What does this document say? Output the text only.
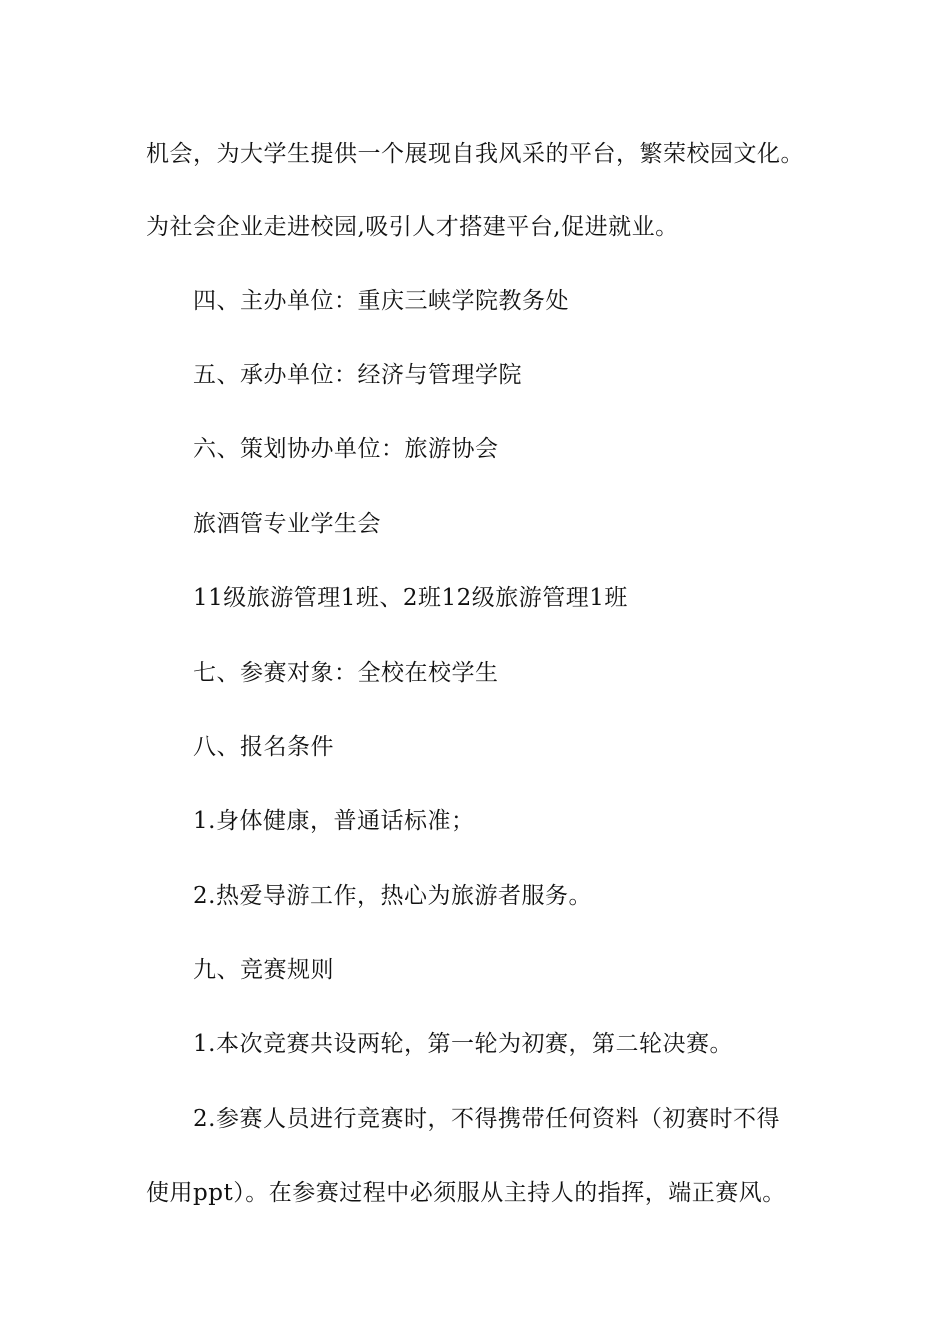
机会，为大学生提供一个展现自我风采的平台，繁荣校园文化。
为社会企业走进校园,吸引人才搭建平台,促进就业。
四、主办单位：重庆三峡学院教务处
五、承办单位：经济与管理学院
六、策划协办单位：旅游协会
旅酒管专业学生会
11级旅游管理1班、2班12级旅游管理1班
七、参赛对象：全校在校学生
八、报名条件
1.身体健康，普通话标准；
2.热爱导游工作，热心为旅游者服务。
九、竞赛规则
1.本次竞赛共设两轮，第一轮为初赛，第二轮决赛。
2.参赛人员进行竞赛时，不得携带任何资料（初赛时不得
使用ppt）。在参赛过程中必须服从主持人的指挥，端正赛风。
